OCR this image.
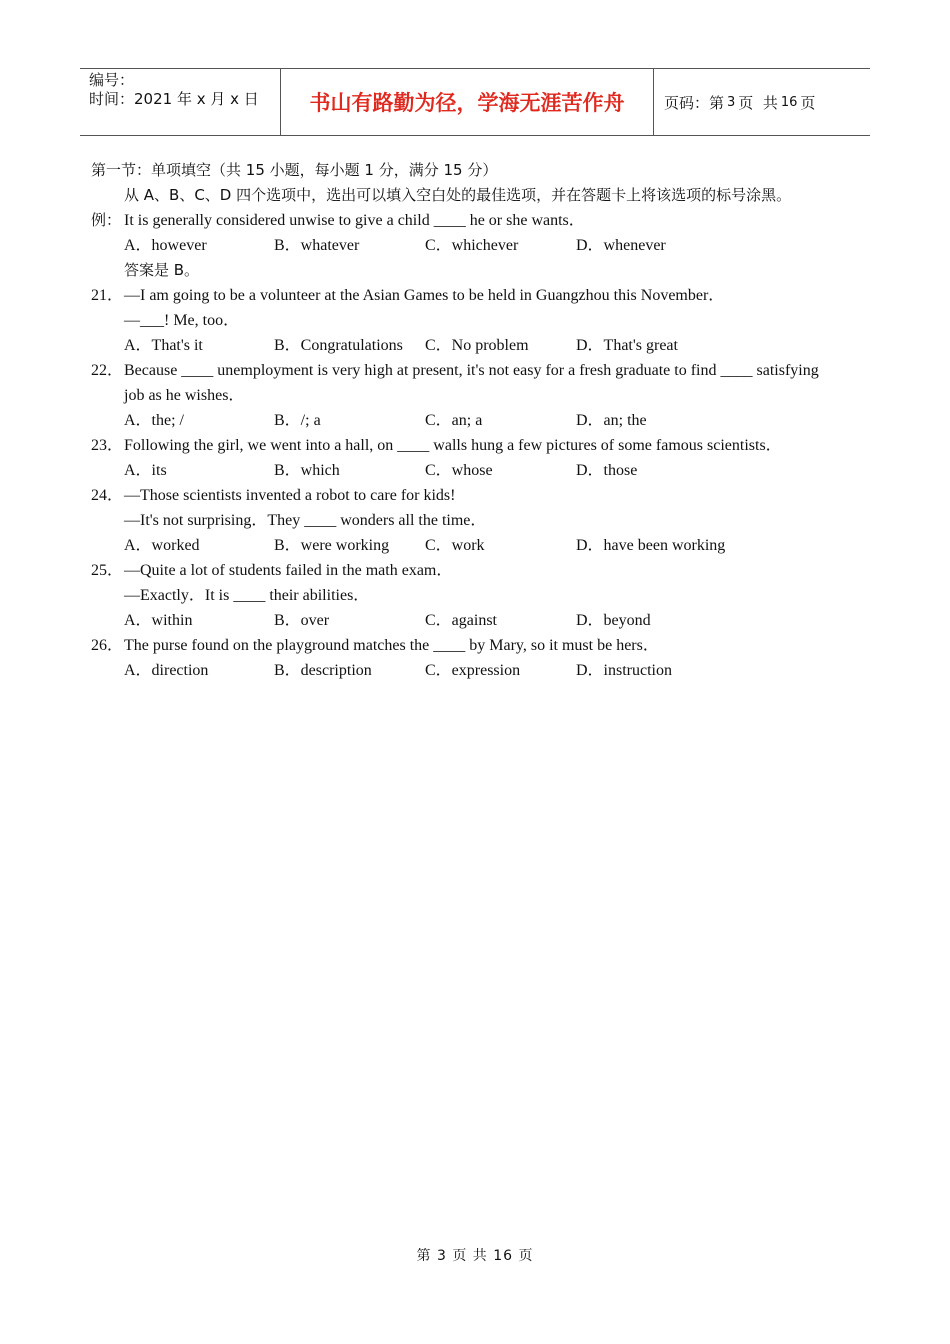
编号：
时间：2021 年 x 月 x 日	书山有路勤为径，学海无涯苦作舟	页码：第 3 页  共 16 页
第一节：单项填空（共 15 小题，每小题 1 分，满分 15 分）
从 A、B、C、D 四个选项中，选出可以填入空白处的最佳选项，并在答题卡上将该选项的标号涂黑。
例： It is generally considered unwise to give a child ____ he or she wants．
A．however	B．whatever	C．whichever	D．whenever
答案是 B。
21． —I am going to be a volunteer at the Asian Games to be held in Guangzhou this November．
—___! Me, too．
A．That's it	B．Congratulations C．No problem	D．That's great
22． Because ____ unemployment is very high at present, it's not easy for a fresh graduate to find ____ satisfying
job as he wishes．
A．the; /	B．/; a	C．an; a	D．an; the
23． Following the girl, we went into a hall, on ____ walls hung a few pictures of some famous scientists．
A．its	B．which	C．whose	D．those
24． —Those scientists invented a robot to care for kids!
—It's not surprising．They ____ wonders all the time．
A．worked	B．were working C．work	D．have been working
25． —Quite a lot of students failed in the math exam．
—Exactly．It is ____ their abilities．
A．within	B．over	C．against	D．beyond
26． The purse found on the playground matches the ____ by Mary, so it must be hers．
A．direction	B．description	C．expression	D．instruction
第 3 页 共 16 页
